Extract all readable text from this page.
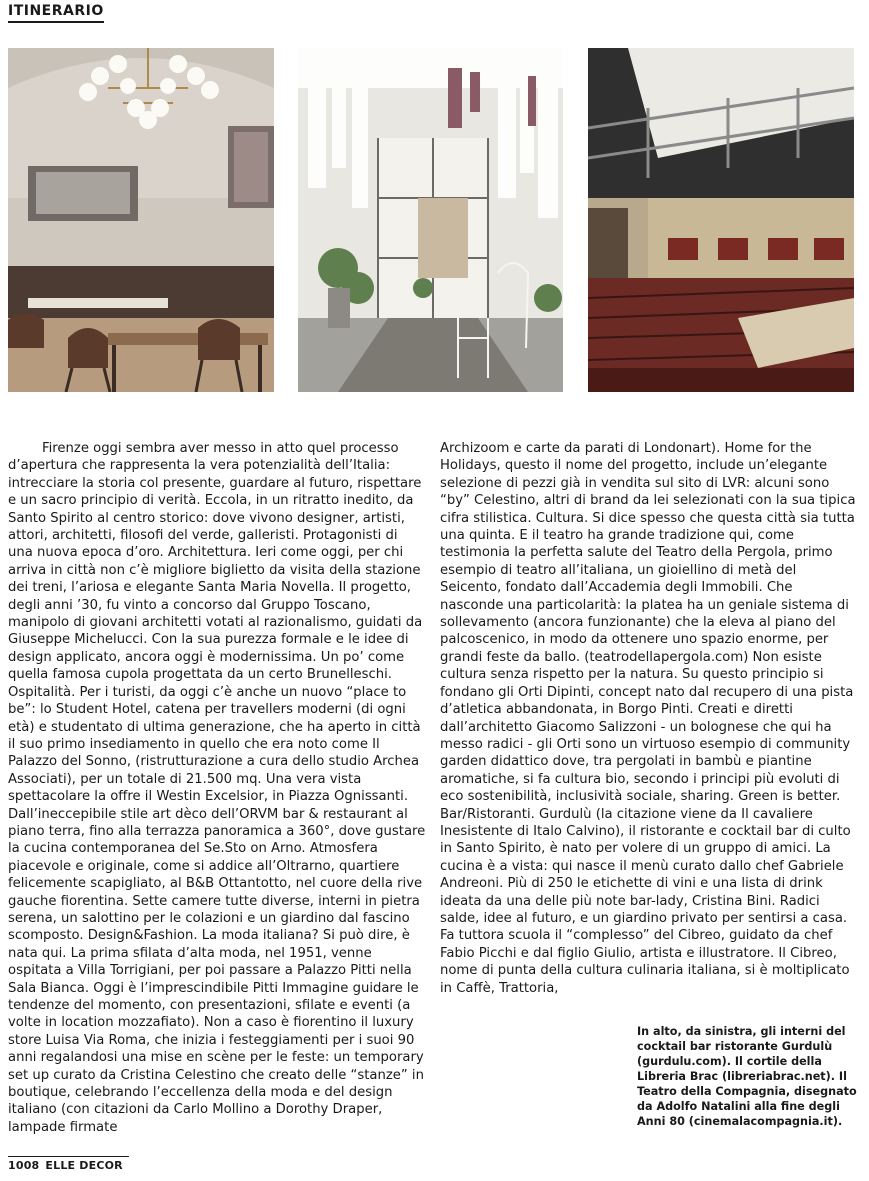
ITINERARIO

Firenze oggi sembra aver messo in atto quel processo d’apertura che rappresenta la vera potenzialità dell’Italia: intrecciare la storia col presente, guardare al futuro, rispettare e un sacro principio di verità. Eccola, in un ritratto inedito, da Santo Spirito al centro storico: dove vivono designer, artisti, attori, architetti, filosofi del verde, galleristi. Protagonisti di una nuova epoca d’oro. Architettura. Ieri come oggi, per chi arriva in città non c’è migliore biglietto da visita della stazione dei treni, l’ariosa e elegante Santa Maria Novella. Il progetto, degli anni ’30, fu vinto a concorso dal Gruppo Toscano, manipolo di giovani architetti votati al razionalismo, guidati da Giuseppe Michelucci. Con la sua purezza formale e le idee di design applicato, ancora oggi è modernissima. Un po’ come quella famosa cupola progettata da un certo Brunelleschi. Ospitalità. Per i turisti, da oggi c’è anche un nuovo “place to be”: lo Student Hotel, catena per travellers moderni (di ogni età) e studentato di ultima generazione, che ha aperto in città il suo primo insediamento in quello che era noto come Il Palazzo del Sonno, (ristrutturazione a cura dello studio Archea Associati), per un totale di 21.500 mq. Una vera vista spettacolare la offre il Westin Excelsior, in Piazza Ognissanti. Dall’ineccepibile stile art dèco dell’ORVM bar & restaurant al piano terra, fino alla terrazza panoramica a 360°, dove gustare la cucina contemporanea del Se.Sto on Arno. Atmosfera piacevole e originale, come si addice all’Oltrarno, quartiere felicemente scapigliato, al B&B Ottantotto, nel cuore della rive gauche fiorentina. Sette camere tutte diverse, interni in pietra serena, un salottino per le colazioni e un giardino dal fascino scomposto. Design&Fashion. La moda italiana? Si può dire, è nata qui. La prima sfilata d’alta moda, nel 1951, venne ospitata a Villa Torrigiani, per poi passare a Palazzo Pitti nella Sala Bianca. Oggi è l’imprescindibile Pitti Immagine guidare le tendenze del momento, con presentazioni, sfilate e eventi (a volte in location mozzafiato). Non a caso è fiorentino il luxury store Luisa Via Roma, che inizia i festeggiamenti per i suoi 90 anni regalandosi una mise en scène per le feste: un temporary set up curato da Cristina Celestino che creato delle “stanze” in boutique, celebrando l’eccellenza della moda e del design italiano (con citazioni da Carlo Mollino a Dorothy Draper, lampade firmate

Archizoom e carte da parati di Londonart). Home for the Holidays, questo il nome del progetto, include un’elegante selezione di pezzi già in vendita sul sito di LVR: alcuni sono “by” Celestino, altri di brand da lei selezionati con la sua tipica cifra stilistica. Cultura. Si dice spesso che questa città sia tutta una quinta. E il teatro ha grande tradizione qui, come testimonia la perfetta salute del Teatro della Pergola, primo esempio di teatro all’italiana, un gioiellino di metà del Seicento, fondato dall’Accademia degli Immobili. Che nasconde una particolarità: la platea ha un geniale sistema di sollevamento (ancora funzionante) che la eleva al piano del palcoscenico, in modo da ottenere uno spazio enorme, per grandi feste da ballo. (teatrodellapergola.com) Non esiste cultura senza rispetto per la natura. Su questo principio si fondano gli Orti Dipinti, concept nato dal recupero di una pista d’atletica abbandonata, in Borgo Pinti. Creati e diretti dall’architetto Giacomo Salizzoni - un bolognese che qui ha messo radici - gli Orti sono un virtuoso esempio di community garden didattico dove, tra pergolati in bambù e piantine aromatiche, si fa cultura bio, secondo i principi più evoluti di eco sostenibilità, inclusività sociale, sharing. Green is better. Bar/Ristoranti. Gurdulù (la citazione viene da Il cavaliere Inesistente di Italo Calvino), il ristorante e cocktail bar di culto in Santo Spirito, è nato per volere di un gruppo di amici. La cucina è a vista: qui nasce il menù curato dallo chef Gabriele Andreoni. Più di 250 le etichette di vini e una lista di drink ideata da una delle più note bar-lady, Cristina Bini. Radici salde, idee al futuro, e un giardino privato per sentirsi a casa. Fa tuttora scuola il “complesso” del Cibreo, guidato da chef Fabio Picchi e dal figlio Giulio, artista e illustratore. Il Cibreo, nome di punta della cultura culinaria italiana, si è moltiplicato in Caffè, Trattoria,

In alto, da sinistra, gli interni del cocktail bar ristorante Gurdulù (gurdulu.com). Il cortile della Libreria Brac (libreriabrac.net). Il Teatro della Compagnia, disegnato da Adolfo Natalini alla fine degli Anni 80 (cinemalacompagnia.it).
1008 ELLE DECOR
